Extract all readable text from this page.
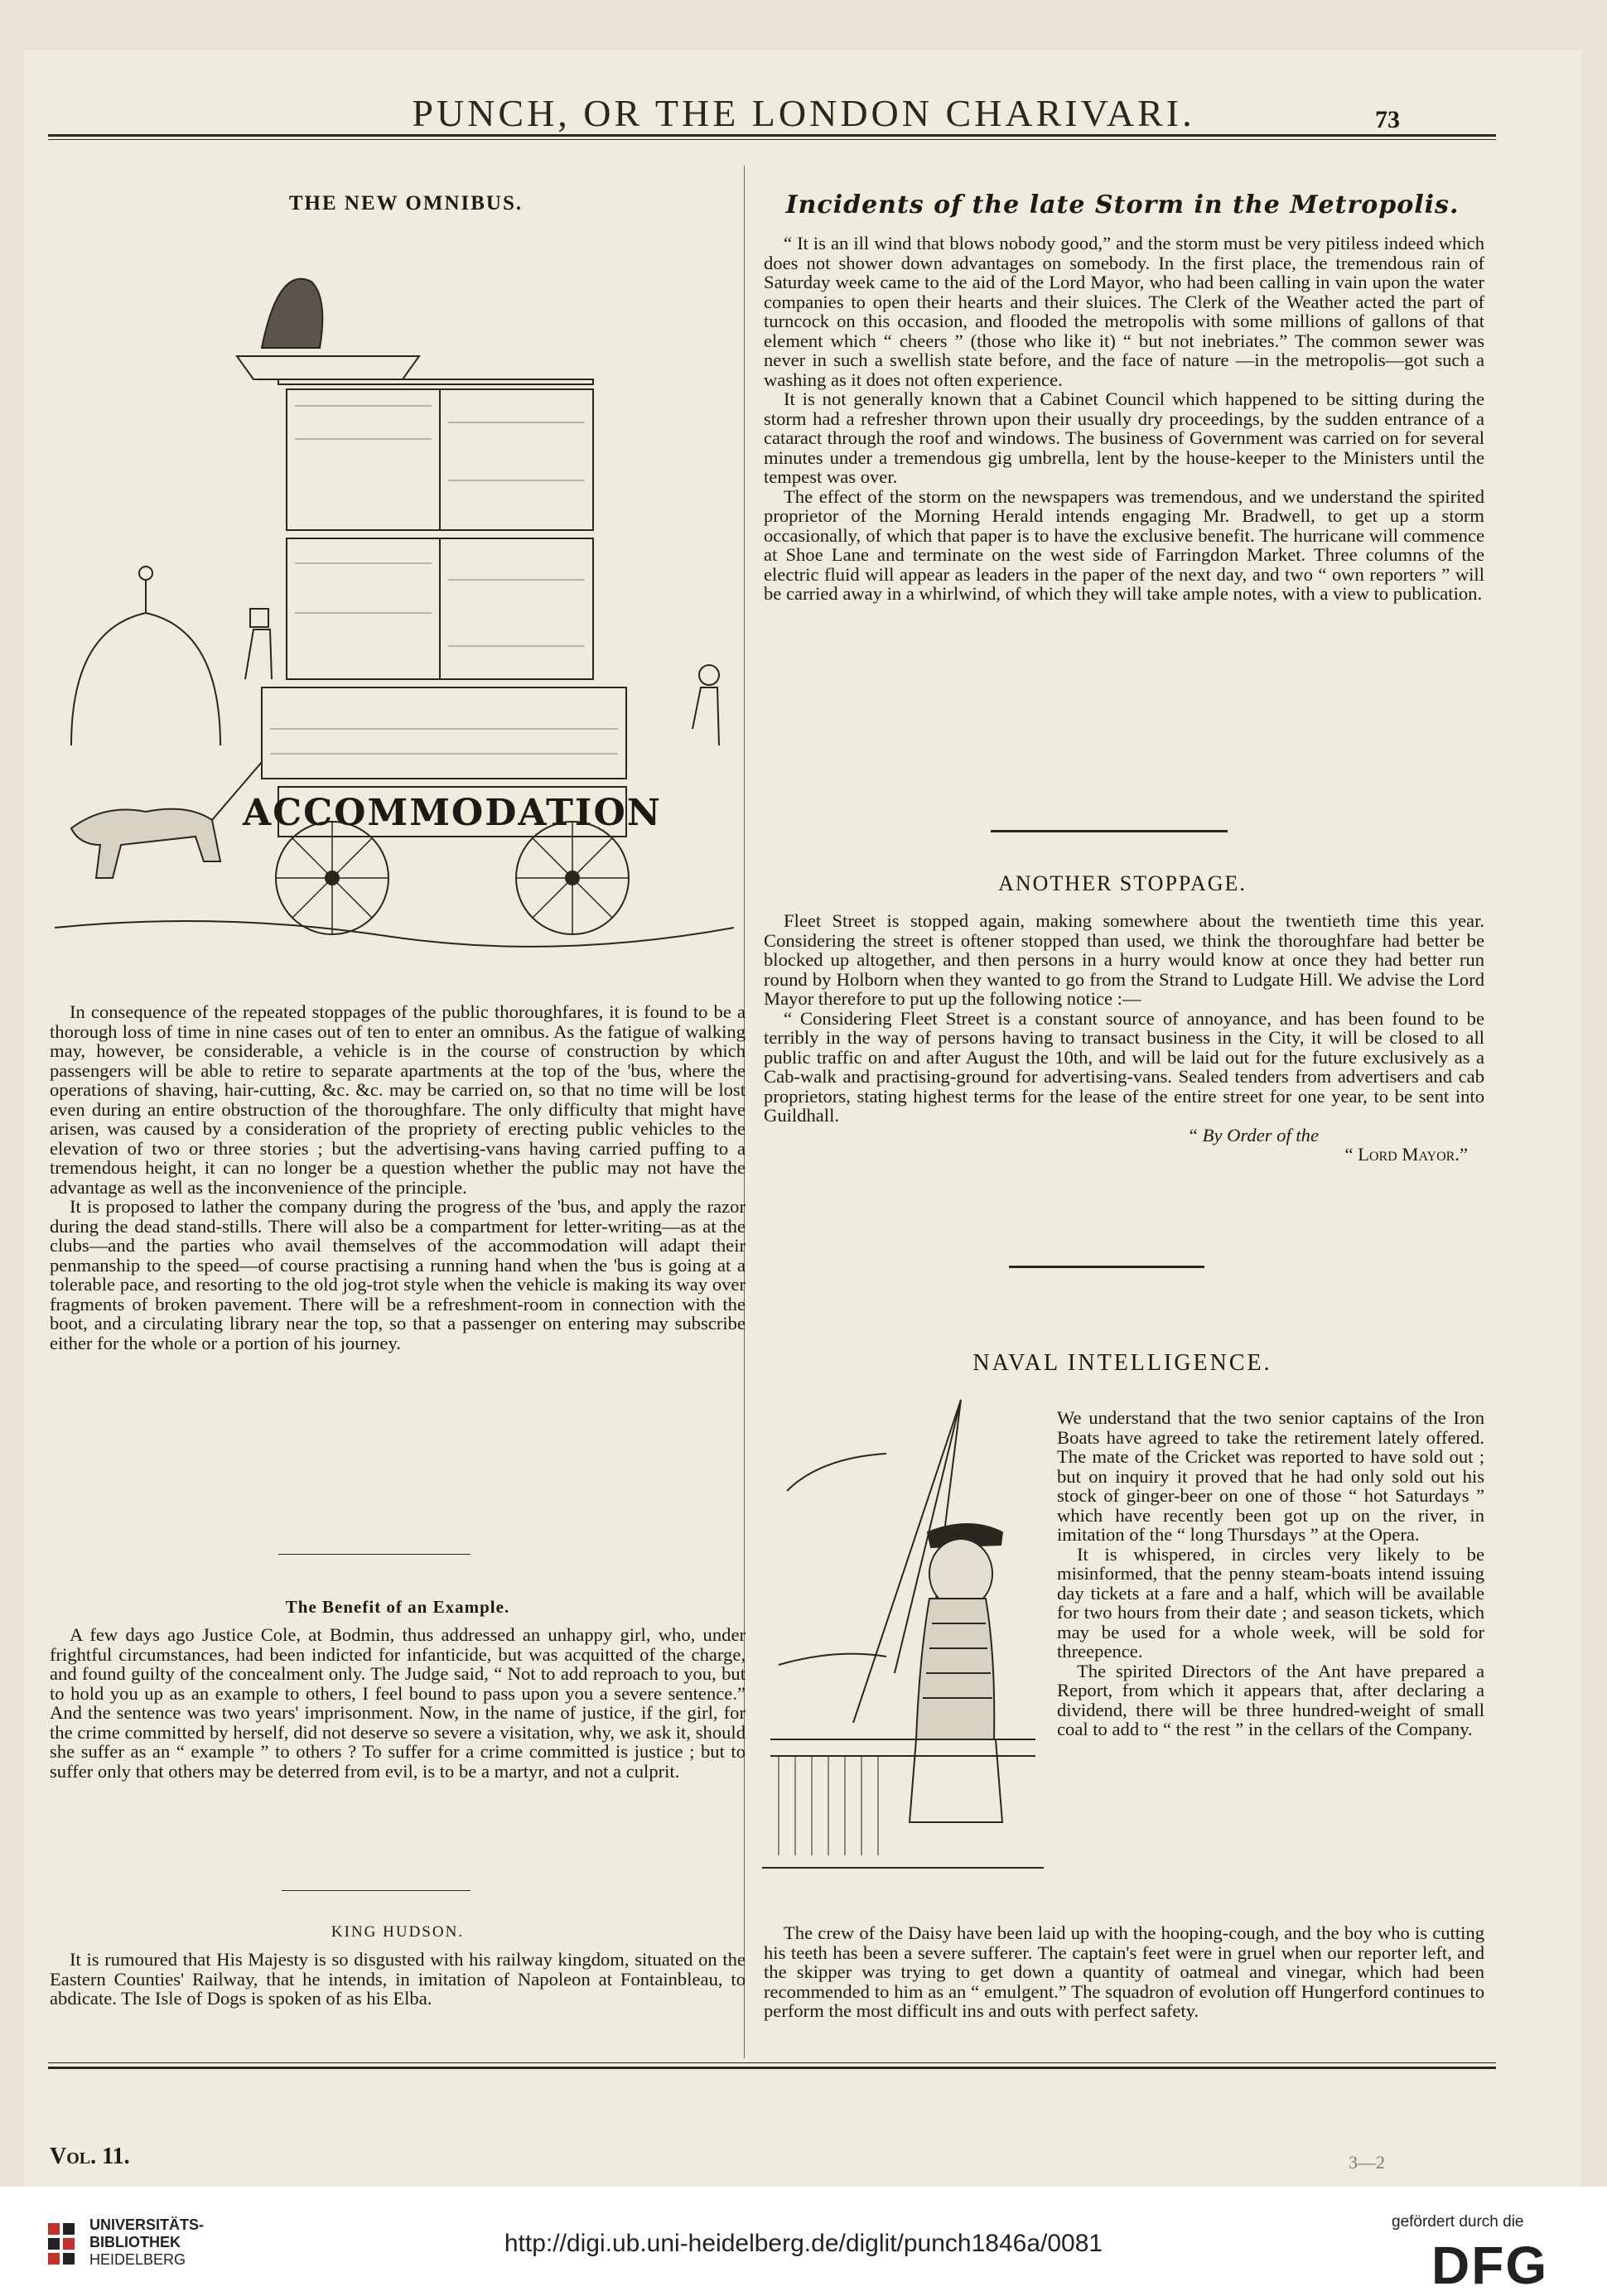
PUNCH, OR THE LONDON CHARIVARI.	73
THE NEW OMNIBUS.
ACCOMMODATION

In consequence of the repeated stoppages of the public thoroughfares, it is found to be a thorough loss of time in nine cases out of ten to enter an omnibus. As the fatigue of walking may, however, be considerable, a vehicle is in the course of construction by which passengers will be able to retire to separate apartments at the top of the 'bus, where the operations of shaving, hair-cutting, &c. &c. may be carried on, so that no time will be lost even during an entire obstruction of the thoroughfare. The only difficulty that might have arisen, was caused by a consideration of the propriety of erecting public vehicles to the elevation of two or three stories ; but the advertising-vans having carried puffing to a tremendous height, it can no longer be a question whether the public may not have the advantage as well as the inconvenience of the principle.

It is proposed to lather the company during the progress of the 'bus, and apply the razor during the dead stand-stills. There will also be a compartment for letter-writing—as at the clubs—and the parties who avail themselves of the accommodation will adapt their penmanship to the speed—of course practising a running hand when the 'bus is going at a tolerable pace, and resorting to the old jog-trot style when the vehicle is making its way over fragments of broken pavement. There will be a refreshment-room in connection with the boot, and a circulating library near the top, so that a passenger on entering may subscribe either for the whole or a portion of his journey.

The Benefit of an Example.

A few days ago Justice Cole, at Bodmin, thus addressed an unhappy girl, who, under frightful circumstances, had been indicted for infanticide, but was acquitted of the charge, and found guilty of the concealment only. The Judge said, “ Not to add reproach to you, but to hold you up as an example to others, I feel bound to pass upon you a severe sentence.” And the sentence was two years' imprisonment. Now, in the name of justice, if the girl, for the crime committed by herself, did not deserve so severe a visitation, why, we ask it, should she suffer as an “ example ” to others ? To suffer for a crime committed is justice ; but to suffer only that others may be deterred from evil, is to be a martyr, and not a culprit.

KING HUDSON.

It is rumoured that His Majesty is so disgusted with his railway kingdom, situated on the Eastern Counties' Railway, that he intends, in imitation of Napoleon at Fontainbleau, to abdicate. The Isle of Dogs is spoken of as his Elba.

Incidents of the late Storm in the Metropolis.

“ It is an ill wind that blows nobody good,” and the storm must be very pitiless indeed which does not shower down advantages on somebody. In the first place, the tremendous rain of Saturday week came to the aid of the Lord Mayor, who had been calling in vain upon the water companies to open their hearts and their sluices. The Clerk of the Weather acted the part of turncock on this occasion, and flooded the metropolis with some millions of gallons of that element which “ cheers ” (those who like it) “ but not inebriates.” The common sewer was never in such a swellish state before, and the face of nature —in the metropolis—got such a washing as it does not often experience.

It is not generally known that a Cabinet Council which happened to be sitting during the storm had a refresher thrown upon their usually dry proceedings, by the sudden entrance of a cataract through the roof and windows. The business of Government was carried on for several minutes under a tremendous gig umbrella, lent by the house-keeper to the Ministers until the tempest was over.

The effect of the storm on the newspapers was tremendous, and we understand the spirited proprietor of the Morning Herald intends engaging Mr. Bradwell, to get up a storm occasionally, of which that paper is to have the exclusive benefit. The hurricane will commence at Shoe Lane and terminate on the west side of Farringdon Market. Three columns of the electric fluid will appear as leaders in the paper of the next day, and two “ own reporters ” will be carried away in a whirlwind, of which they will take ample notes, with a view to publication.

ANOTHER STOPPAGE.

Fleet Street is stopped again, making somewhere about the twentieth time this year. Considering the street is oftener stopped than used, we think the thoroughfare had better be blocked up altogether, and then persons in a hurry would know at once they had better run round by Holborn when they wanted to go from the Strand to Ludgate Hill. We advise the Lord Mayor therefore to put up the following notice :—

“ Considering Fleet Street is a constant source of annoyance, and has been found to be terribly in the way of persons having to transact business in the City, it will be closed to all public traffic on and after August the 10th, and will be laid out for the future exclusively as a Cab-walk and practising-ground for advertising-vans. Sealed tenders from advertisers and cab proprietors, stating highest terms for the lease of the entire street for one year, to be sent into Guildhall.

“ By Order of the

“ Lord Mayor.”

NAVAL INTELLIGENCE.

We understand that the two senior captains of the Iron Boats have agreed to take the retirement lately offered. The mate of the Cricket was reported to have sold out ; but on inquiry it proved that he had only sold out his stock of ginger-beer on one of those “ hot Saturdays ” which have recently been got up on the river, in imitation of the “ long Thursdays ” at the Opera.

It is whispered, in circles very likely to be misinformed, that the penny steam-boats intend issuing day tickets at a fare and a half, which will be available for two hours from their date ; and season tickets, which may be used for a whole week, will be sold for threepence.

The spirited Directors of the Ant have prepared a Report, from which it appears that, after declaring a dividend, there will be three hundred-weight of small coal to add to “ the rest ” in the cellars of the Company.

The crew of the Daisy have been laid up with the hooping-cough, and the boy who is cutting his teeth has been a severe sufferer. The captain's feet were in gruel when our reporter left, and the skipper was trying to get down a quantity of oatmeal and vinegar, which had been recommended to him as an “ emulgent.” The squadron of evolution off Hungerford continues to perform the most difficult ins and outs with perfect safety.

Vol. 11.	3—2
UNIVERSITÄTS-
BIBLIOTHEK
HEIDELBERG
http://digi.ub.uni-heidelberg.de/diglit/punch1846a/0081
gefördert durch die
DFG
